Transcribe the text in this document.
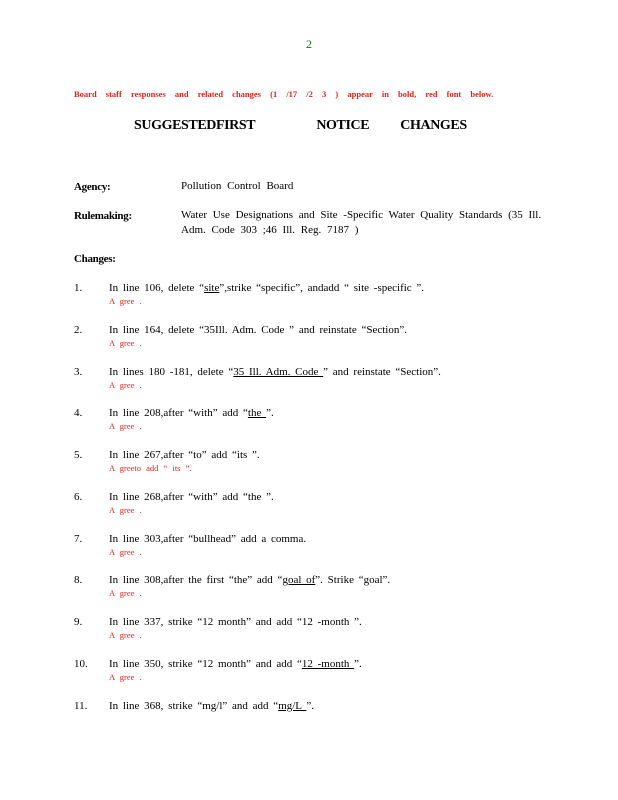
2
Board staff responses and related changes (1 /17 /2 3 ) appear in bold, red font below.
SUGGESTEDFIRST	NOTICE CHANGES
Agency:	Pollution Control Board
Rulemaking:	Water Use Designations and Site -Specific Water Quality Standards (35 Ill.
Adm. Code 303 ;46 Ill. Reg. 7187 )
Changes:
1. In line 106, delete “site”,strike “specific”, andadd “ site -specific ”.
A gree .
2. In line 164, delete “35Ill. Adm. Code ” and reinstate “Section”.
A gree .
3. In lines 180 -181, delete “35 Ill. Adm. Code ” and reinstate “Section”.
A gree .
4. In line 208,after “with” add “the ”.
A gree .
5. In line 267,after “to” add “its ”.
A greeto add “ its ”.
6. In line 268,after “with” add “the ”.
A gree .
7. In line 303,after “bullhead” add a comma.
A gree .
8. In line 308,after the first “the” add “goal of”. Strike “goal”.
A gree .
9. In line 337, strike “12 month” and add “12 -month ”.
A gree .
10. In line 350, strike “12 month” and add “12 -month ”.
A gree .
11. In line 368, strike “mg/l” and add “mg/L ”.
